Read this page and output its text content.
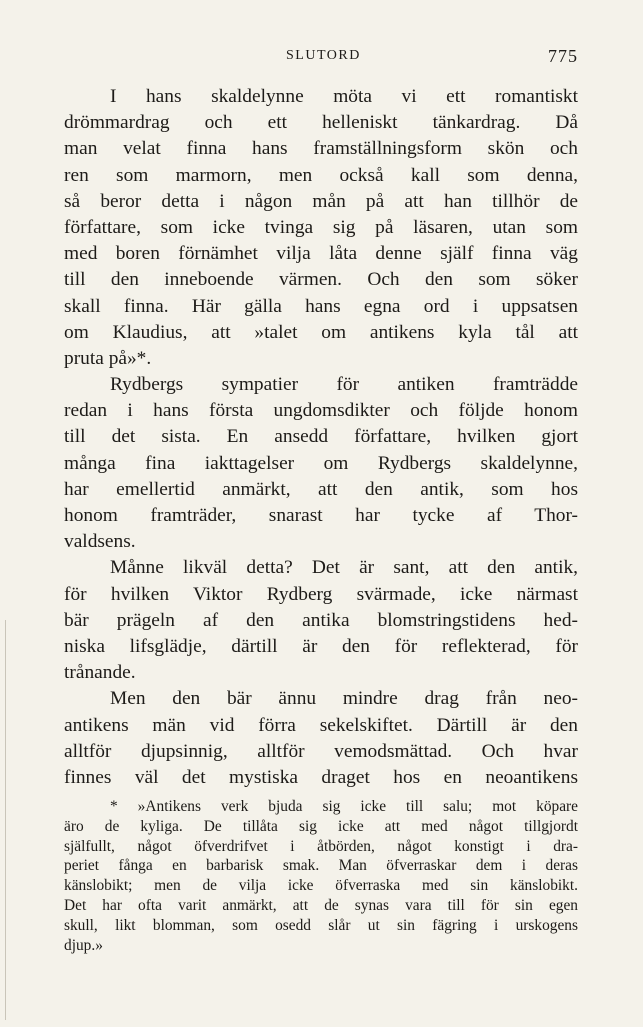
SLUTORD	775
I hans skaldelynne möta vi ett romantiskt
drömmardrag och ett helleniskt tänkardrag. Då
man velat finna hans framställningsform skön och
ren som marmorn, men också kall som denna,
så beror detta i någon mån på att han tillhör de
författare, som icke tvinga sig på läsaren, utan som
med boren förnämhet vilja låta denne själf finna väg
till den inneboende värmen. Och den som söker
skall finna. Här gälla hans egna ord i uppsatsen
om Klaudius, att »talet om antikens kyla tål att
pruta på»*.
Rydbergs sympatier för antiken framträdde
redan i hans första ungdomsdikter och följde honom
till det sista. En ansedd författare, hvilken gjort
många fina iakttagelser om Rydbergs skaldelynne,
har emellertid anmärkt, att den antik, som hos
honom framträder, snarast har tycke af Thor-
valdsens.
Månne likväl detta? Det är sant, att den antik,
för hvilken Viktor Rydberg svärmade, icke närmast
bär prägeln af den antika blomstringstidens hed-
niska lifsglädje, därtill är den för reflekterad, för
trånande.
Men den bär ännu mindre drag från neo-
antikens män vid förra sekelskiftet. Därtill är den
alltför djupsinnig, alltför vemodsmättad. Och hvar
finnes väl det mystiska draget hos en neoantikens
* »Antikens verk bjuda sig icke till salu; mot köpare
äro de kyliga. De tillåta sig icke att med något tillgjordt
själfullt, något öfverdrifvet i åtbörden, något konstigt i dra-
periet fånga en barbarisk smak. Man öfverraskar dem i deras
känslobikt; men de vilja icke öfverraska med sin känslobikt.
Det har ofta varit anmärkt, att de synas vara till för sin egen
skull, likt blomman, som osedd slår ut sin fägring i urskogens
djup.»
